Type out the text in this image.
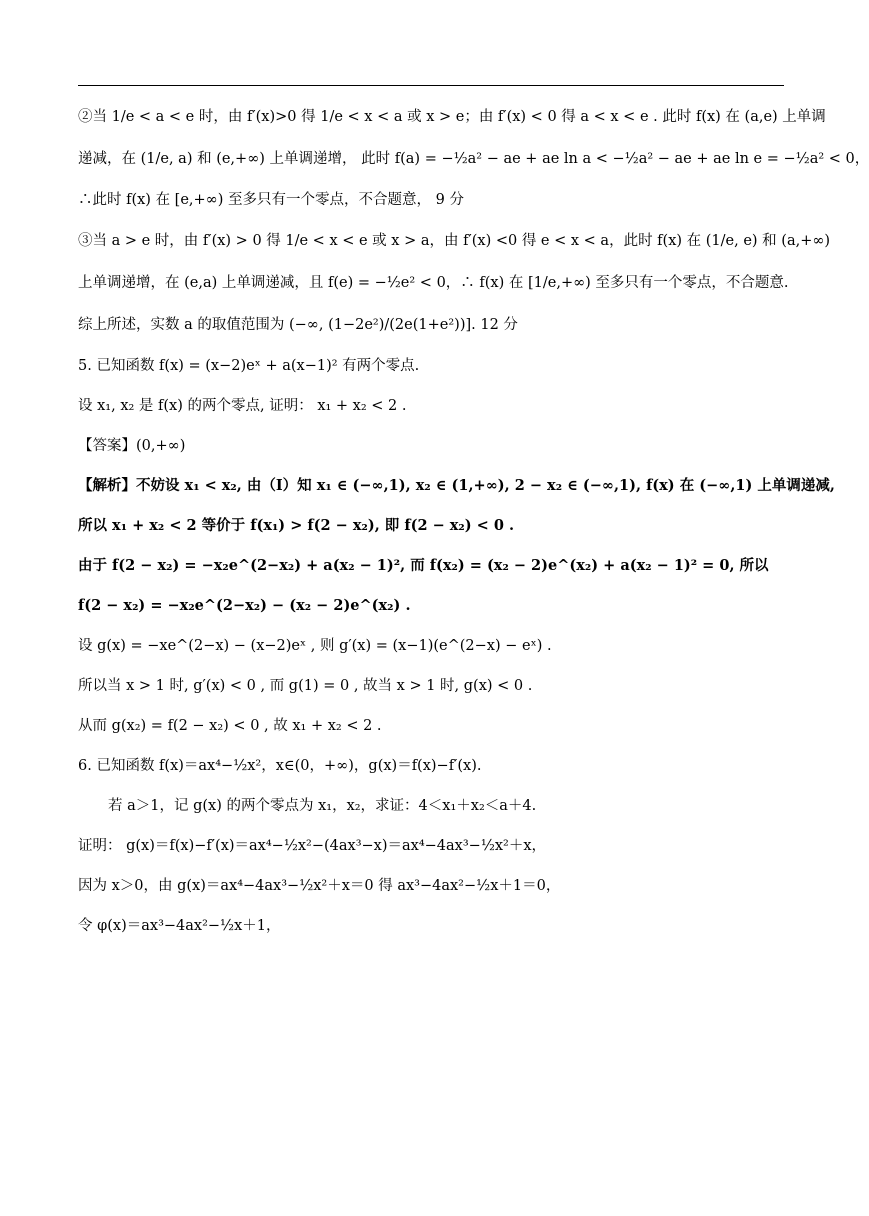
②当 1/e < a < e 时，由 f′(x)>0 得 1/e < x < a 或 x > e；由 f′(x) < 0 得 a < x < e . 此时 f(x) 在 (a,e) 上单调
递减，在 (1/e, a) 和 (e,+∞) 上单调递增， 此时 f(a) = −½a² − ae + ae ln a < −½a² − ae + ae ln e = −½a² < 0，
∴此时 f(x) 在 [e,+∞) 至多只有一个零点，不合题意， 9 分
③当 a > e 时，由 f′(x) > 0 得 1/e < x < e 或 x > a，由 f′(x) <0 得 e < x < a，此时 f(x) 在 (1/e, e) 和 (a,+∞)
上单调递增，在 (e,a) 上单调递减，且 f(e) = −½e² < 0，∴ f(x) 在 [1/e,+∞) 至多只有一个零点，不合题意.
综上所述，实数 a 的取值范围为 (−∞, (1−2e²)/(2e(1+e²))]. 12 分
5. 已知函数 f(x) = (x−2)eˣ + a(x−1)² 有两个零点.
设 x₁, x₂ 是 f(x) 的两个零点, 证明： x₁ + x₂ < 2 .
【答案】(0,+∞)
【解析】不妨设 x₁ < x₂, 由（Ⅰ）知 x₁ ∈ (−∞,1), x₂ ∈ (1,+∞), 2 − x₂ ∈ (−∞,1), f(x) 在 (−∞,1) 上单调递减,
所以 x₁ + x₂ < 2 等价于 f(x₁) > f(2 − x₂), 即 f(2 − x₂) < 0 .
由于 f(2 − x₂) = −x₂e^(2−x₂) + a(x₂ − 1)², 而 f(x₂) = (x₂ − 2)e^(x₂) + a(x₂ − 1)² = 0, 所以
f(2 − x₂) = −x₂e^(2−x₂) − (x₂ − 2)e^(x₂) .
设 g(x) = −xe^(2−x) − (x−2)eˣ , 则 g′(x) = (x−1)(e^(2−x) − eˣ) .
所以当 x > 1 时, g′(x) < 0 , 而 g(1) = 0 , 故当 x > 1 时, g(x) < 0 .
从而 g(x₂) = f(2 − x₂) < 0 , 故 x₁ + x₂ < 2 .
6. 已知函数 f(x)＝ax⁴−½x²，x∈(0，+∞)，g(x)＝f(x)−f′(x).
若 a＞1，记 g(x) 的两个零点为 x₁，x₂，求证：4＜x₁＋x₂＜a＋4.
证明： g(x)＝f(x)−f′(x)＝ax⁴−½x²−(4ax³−x)＝ax⁴−4ax³−½x²＋x，
因为 x＞0，由 g(x)＝ax⁴−4ax³−½x²＋x＝0 得 ax³−4ax²−½x＋1＝0，
令 φ(x)＝ax³−4ax²−½x＋1，
